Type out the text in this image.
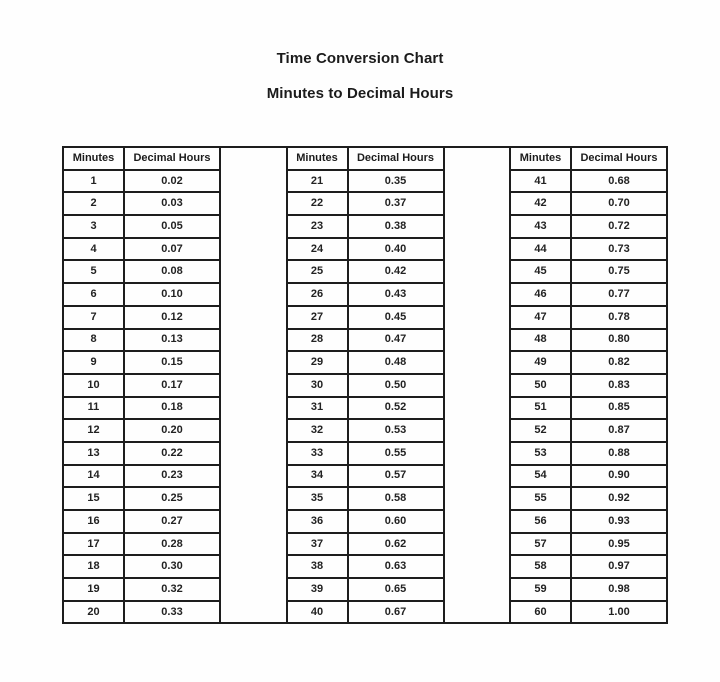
Time Conversion Chart
Minutes to Decimal Hours
Minutes	Decimal Hours
1	0.02
2	0.03
3	0.05
4	0.07
5	0.08
6	0.10
7	0.12
8	0.13
9	0.15
10	0.17
11	0.18
12	0.20
13	0.22
14	0.23
15	0.25
16	0.27
17	0.28
18	0.30
19	0.32
20	0.33
Minutes	Decimal Hours
21	0.35
22	0.37
23	0.38
24	0.40
25	0.42
26	0.43
27	0.45
28	0.47
29	0.48
30	0.50
31	0.52
32	0.53
33	0.55
34	0.57
35	0.58
36	0.60
37	0.62
38	0.63
39	0.65
40	0.67
Minutes	Decimal Hours
41	0.68
42	0.70
43	0.72
44	0.73
45	0.75
46	0.77
47	0.78
48	0.80
49	0.82
50	0.83
51	0.85
52	0.87
53	0.88
54	0.90
55	0.92
56	0.93
57	0.95
58	0.97
59	0.98
60	1.00
